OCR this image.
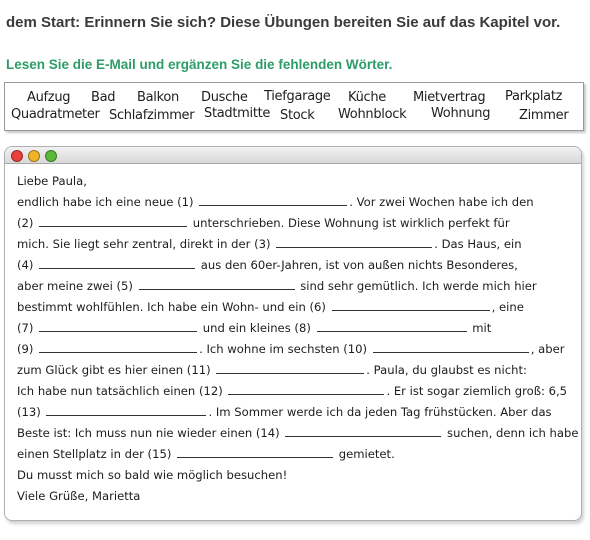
dem Start: Erinnern Sie sich? Diese Übungen bereiten Sie auf das Kapitel vor.
Lesen Sie die E-Mail und ergänzen Sie die fehlenden Wörter.
Aufzug Bad Balkon Dusche Tiefgarage Küche Mietvertrag Parkplatz
Quadratmeter Schlafzimmer Stadtmitte Stock Wohnblock Wohnung Zimmer
Liebe Paula,
endlich habe ich eine neue (1)	. Vor zwei Wochen habe ich den
(2)	unterschrieben. Diese Wohnung ist wirklich perfekt für
mich. Sie liegt sehr zentral, direkt in der (3)	. Das Haus, ein
(4)	aus den 60er-Jahren, ist von außen nichts Besonderes,
aber meine zwei (5)	sind sehr gemütlich. Ich werde mich hier
bestimmt wohlfühlen. Ich habe ein Wohn- und ein (6)	, eine
(7)	und ein kleines (8)	mit
(9)	. Ich wohne im sechsten (10)	, aber
zum Glück gibt es hier einen (11)	. Paula, du glaubst es nicht:
Ich habe nun tatsächlich einen (12)	. Er ist sogar ziemlich groß: 6,5
(13)	. Im Sommer werde ich da jeden Tag frühstücken. Aber das
Beste ist: Ich muss nun nie wieder einen (14)	suchen, denn ich habe
einen Stellplatz in der (15)	gemietet.
Du musst mich so bald wie möglich besuchen!
Viele Grüße, Marietta
